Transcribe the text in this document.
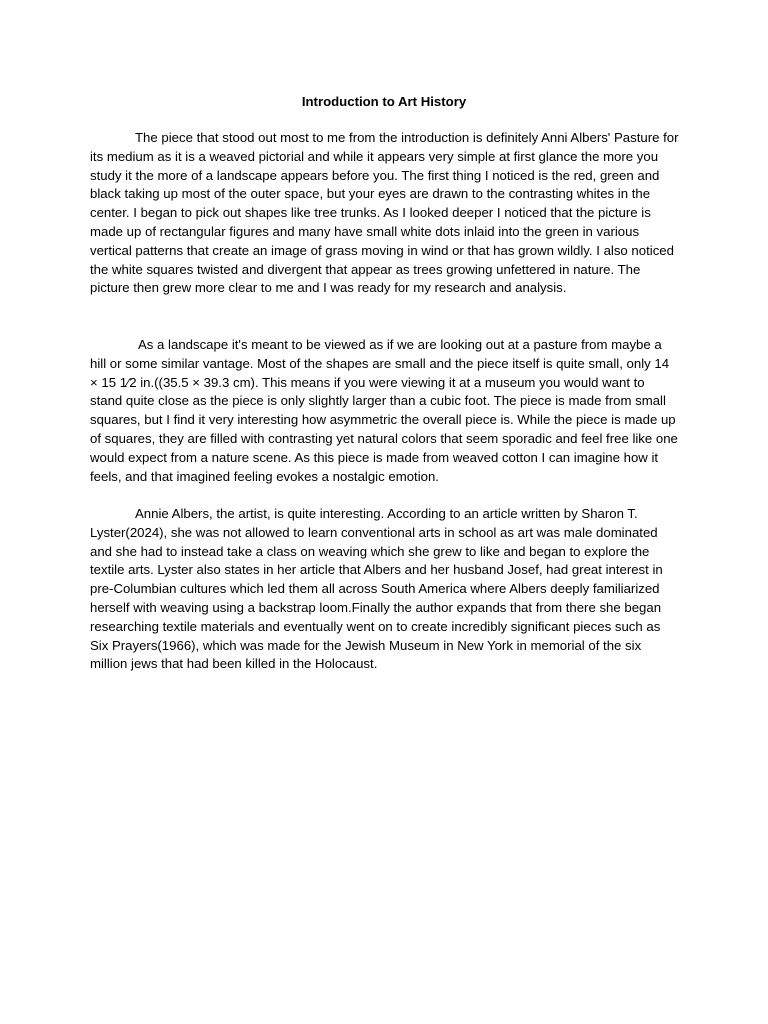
Introduction to Art History

The piece that stood out most to me from the introduction is definitely Anni Albers' Pasture for its medium as it is a weaved pictorial and while it appears very simple at first glance the more you study it the more of a landscape appears before you. The first thing I noticed is the red, green and black taking up most of the outer space, but your eyes are drawn to the contrasting whites in the center. I began to pick out shapes like tree trunks. As I looked deeper I noticed that the picture is made up of rectangular figures and many have small white dots inlaid into the green in various vertical patterns that create an image of grass moving in wind or that has grown wildly. I also noticed the white squares twisted and divergent that appear as trees growing unfettered in nature. The picture then grew more clear to me and I was ready for my research and analysis.

As a landscape it's meant to be viewed as if we are looking out at a pasture from maybe a hill or some similar vantage. Most of the shapes are small and the piece itself is quite small, only 14 × 15 1⁄2 in.((35.5 × 39.3 cm). This means if you were viewing it at a museum you would want to stand quite close as the piece is only slightly larger than a cubic foot. The piece is made from small squares, but I find it very interesting how asymmetric the overall piece is. While the piece is made up of squares, they are filled with contrasting yet natural colors that seem sporadic and feel free like one would expect from a nature scene. As this piece is made from weaved cotton I can imagine how it feels, and that imagined feeling evokes a nostalgic emotion.

Annie Albers, the artist, is quite interesting. According to an article written by Sharon T. Lyster(2024), she was not allowed to learn conventional arts in school as art was male dominated and she had to instead take a class on weaving which she grew to like and began to explore the textile arts. Lyster also states in her article that Albers and her husband Josef, had great interest in pre-Columbian cultures which led them all across South America where Albers deeply familiarized herself with weaving using a backstrap loom.Finally the author expands that from there she began researching textile materials and eventually went on to create incredibly significant pieces such as Six Prayers(1966), which was made for the Jewish Museum in New York in memorial of the six million jews that had been killed in the Holocaust.
